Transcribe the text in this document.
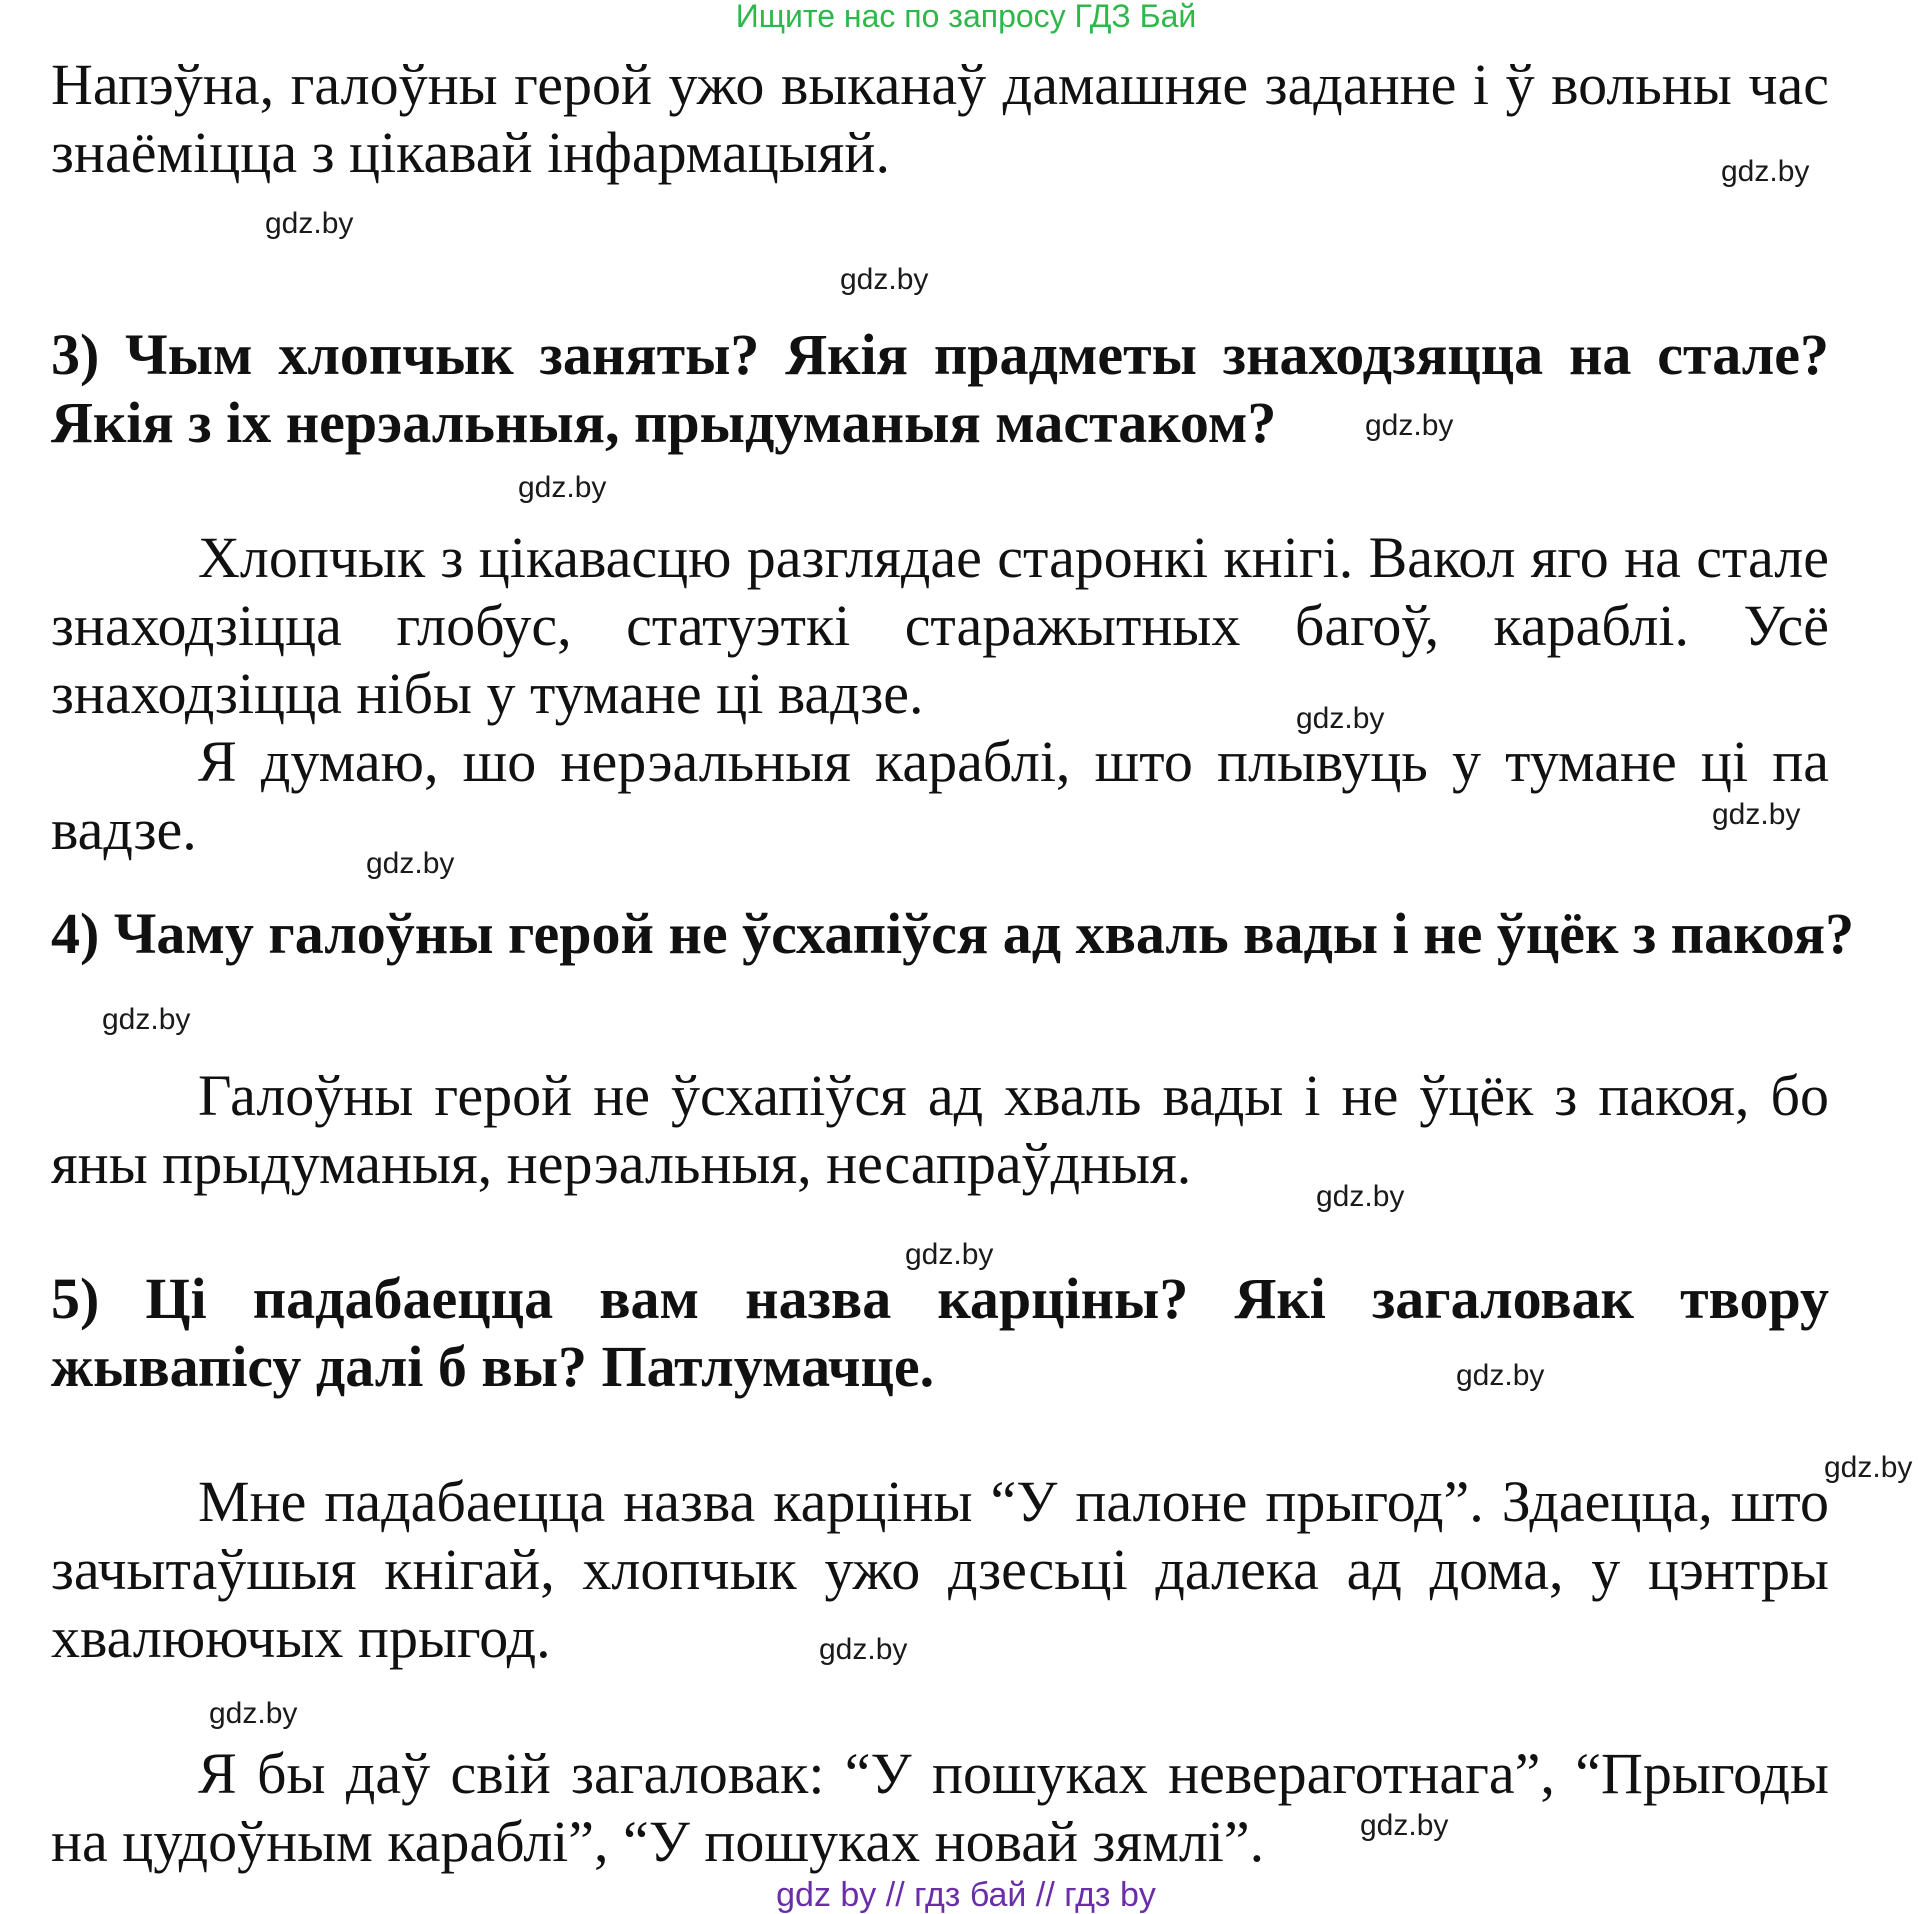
Ищите нас по запросу ГДЗ Бай
Напэўна, галоўны герой ужо выканаў дамашняе заданне і ў вольны час
знаёміцца з цікавай інфармацыяй.
3) Чым хлопчык заняты? Якія прадметы знаходзяцца на стале?
Якія з іх нерэальныя, прыдуманыя мастаком?
Хлопчык з цікавасцю разглядае старонкі кнігі. Вакол яго на стале
знаходзіцца глобус, статуэткі старажытных багоў, караблі. Усё
знаходзіцца нібы у тумане ці вадзе.
Я думаю, шо нерэальныя караблі, што плывуць у тумане ці па
вадзе.
4) Чаму галоўны герой не ўсхапіўся ад хваль вады і не ўцёк з пакоя?
Галоўны герой не ўсхапіўся ад хваль вады і не ўцёк з пакоя, бо
яны прыдуманыя, нерэальныя, несапраўдныя.
5) Ці падабаецца вам назва карціны? Які загаловак твору
жывапісу далі б вы? Патлумачце.
Мне падабаецца назва карціны “У палоне прыгод”. Здаецца, што
зачытаўшыя кнігай, хлопчык ужо дзесьці далека ад дома, у цэнтры
хвалюючых прыгод.
Я бы даў свій загаловак: “У пошуках невераготнага”, “Прыгоды
на цудоўным караблі”, “У пошуках новай зямлі”.
gdz.by
gdz.by
gdz.by
gdz.by
gdz.by
gdz.by
gdz.by
gdz.by
gdz.by
gdz.by
gdz.by
gdz.by
gdz.by
gdz.by
gdz.by
gdz.by
gdz by // гдз бай // гдз by
